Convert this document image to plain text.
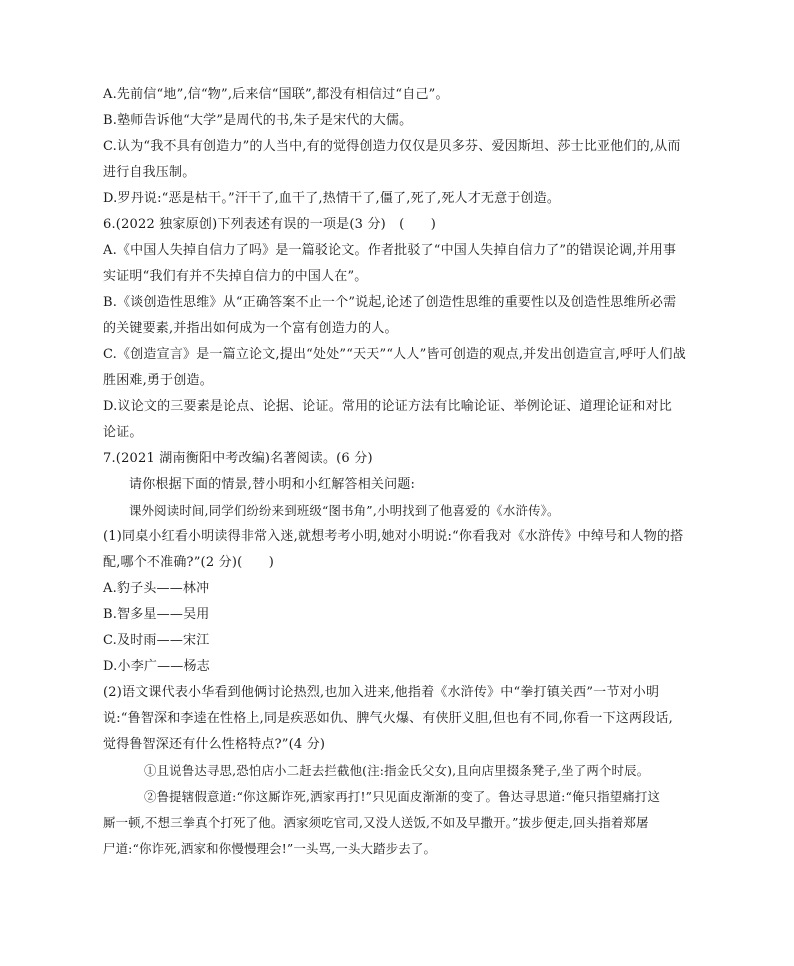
A.先前信“地”,信“物”,后来信“国联”,都没有相信过“自己”。
B.塾师告诉他“大学”是周代的书,朱子是宋代的大儒。
C.认为“我不具有创造力”的人当中,有的觉得创造力仅仅是贝多芬、爱因斯坦、莎士比亚他们的,从而
进行自我压制。
D.罗丹说:“恶是枯干。”汗干了,血干了,热情干了,僵了,死了,死人才无意于创造。
6.(2022 独家原创)下列表述有误的一项是(3 分)　(　　)
A.《中国人失掉自信力了吗》是一篇驳论文。作者批驳了“中国人失掉自信力了”的错误论调,并用事
实证明“我们有并不失掉自信力的中国人在”。
B.《谈创造性思维》从“正确答案不止一个”说起,论述了创造性思维的重要性以及创造性思维所必需
的关键要素,并指出如何成为一个富有创造力的人。
C.《创造宣言》是一篇立论文,提出“处处”“天天”“人人”皆可创造的观点,并发出创造宣言,呼吁人们战
胜困难,勇于创造。
D.议论文的三要素是论点、论据、论证。常用的论证方法有比喻论证、举例论证、道理论证和对比
论证。
7.(2021 湖南衡阳中考改编)名著阅读。(6 分)
请你根据下面的情景,替小明和小红解答相关问题:
课外阅读时间,同学们纷纷来到班级“图书角”,小明找到了他喜爱的《水浒传》。
(1)同桌小红看小明读得非常入迷,就想考考小明,她对小明说:“你看我对《水浒传》中绰号和人物的搭
配,哪个不准确?”(2 分)(　　)
A.豹子头——林冲
B.智多星——吴用
C.及时雨——宋江
D.小李广——杨志
(2)语文课代表小华看到他俩讨论热烈,也加入进来,他指着《水浒传》中“拳打镇关西”一节对小明
说:“鲁智深和李逵在性格上,同是疾恶如仇、脾气火爆、有侠肝义胆,但也有不同,你看一下这两段话,
觉得鲁智深还有什么性格特点?”(4 分)
①且说鲁达寻思,恐怕店小二赶去拦截他(注:指金氏父女),且向店里掇条凳子,坐了两个时辰。
②鲁提辖假意道:“你这厮诈死,洒家再打!”只见面皮渐渐的变了。鲁达寻思道:“俺只指望痛打这
厮一顿,不想三拳真个打死了他。洒家须吃官司,又没人送饭,不如及早撒开。”拔步便走,回头指着郑屠
尸道:“你诈死,洒家和你慢慢理会!”一头骂,一头大踏步去了。
